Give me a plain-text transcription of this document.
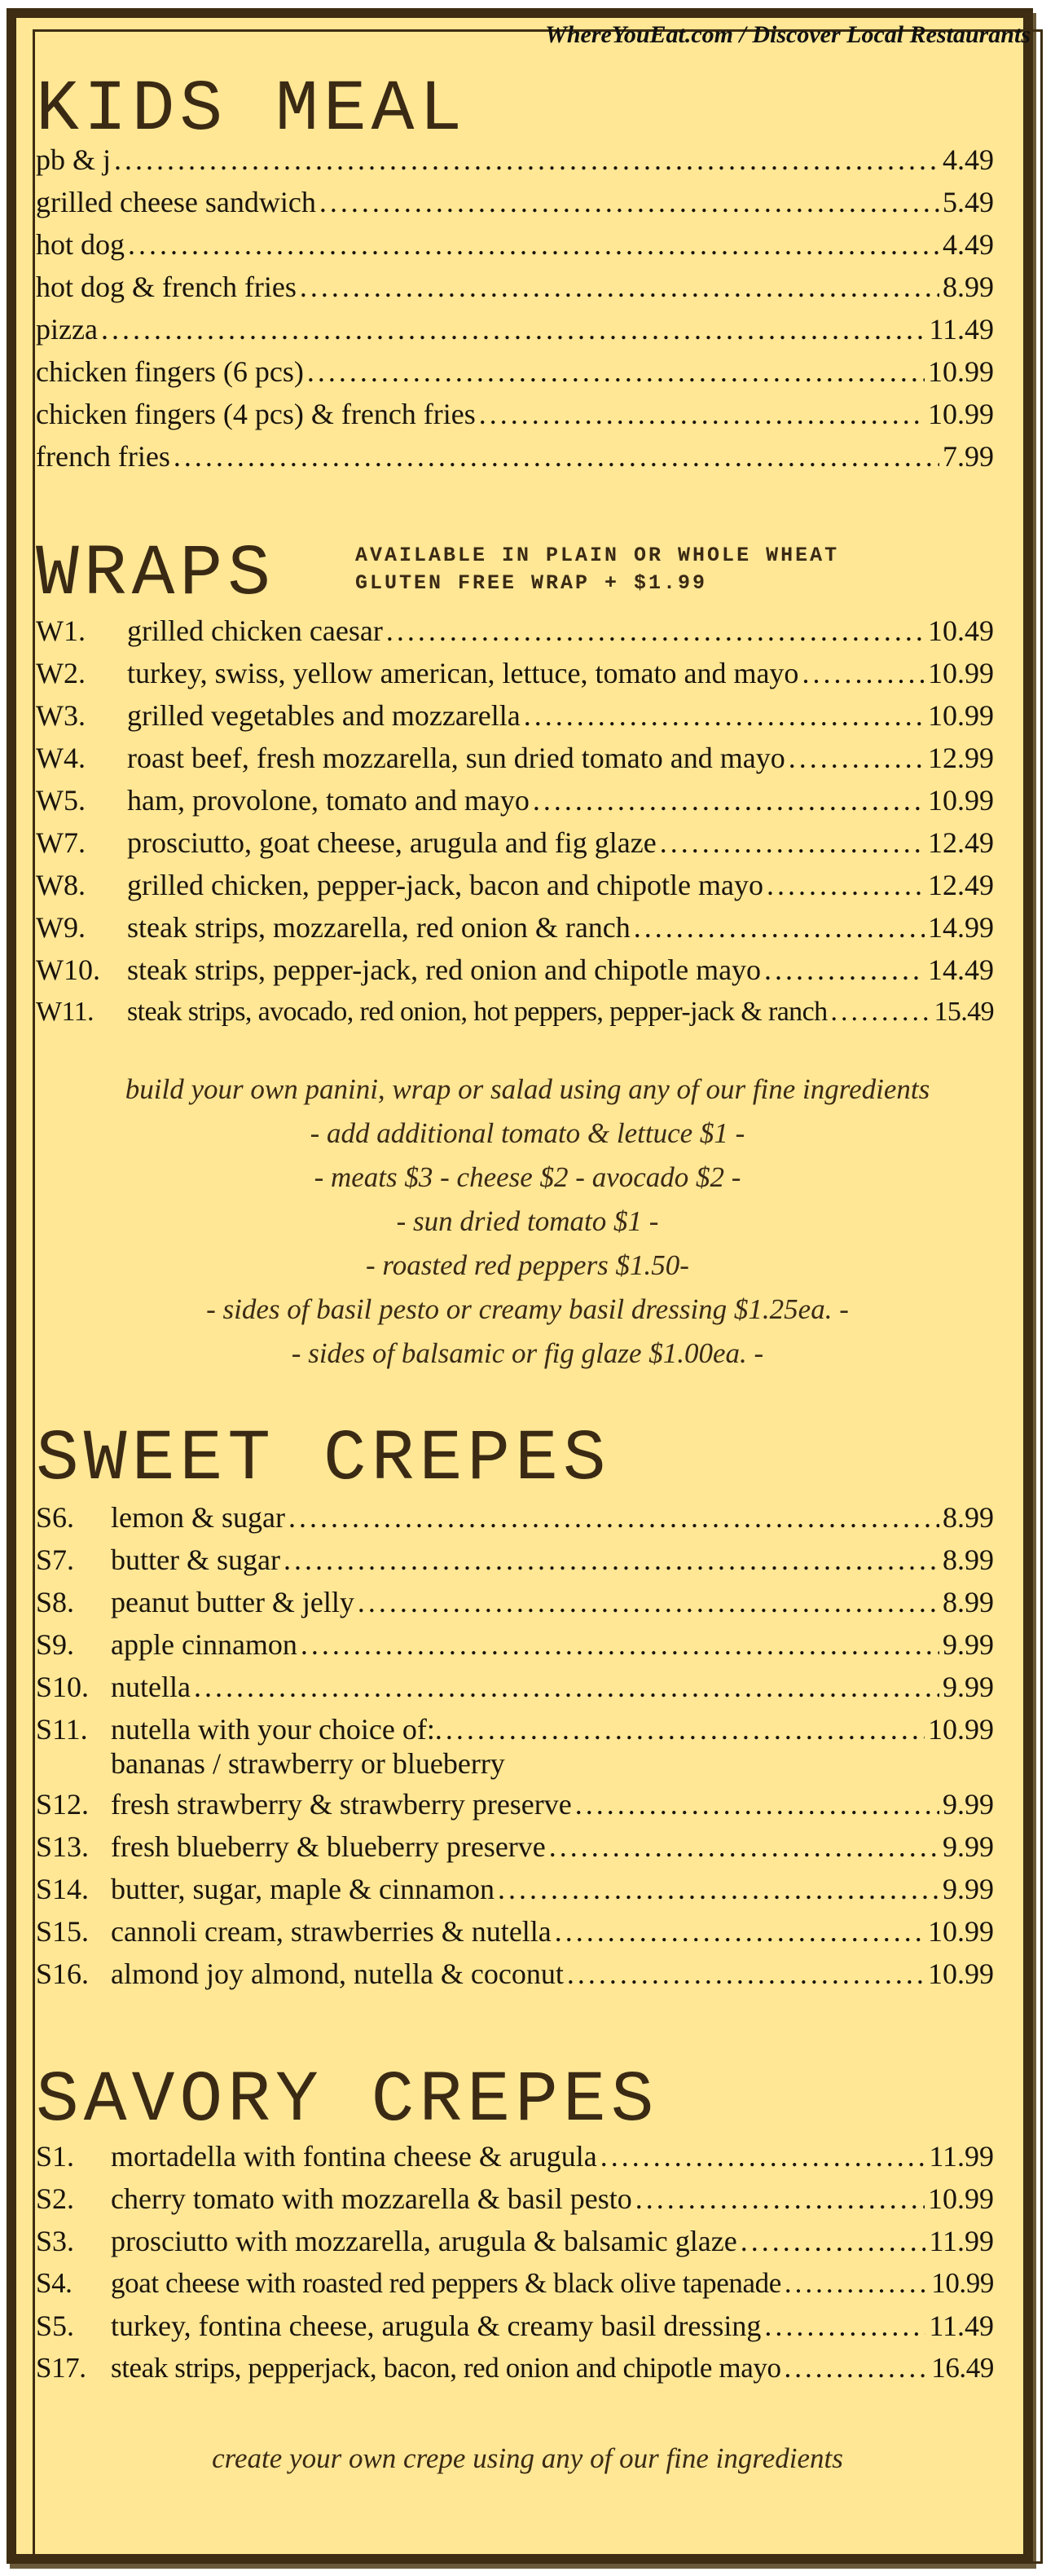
WhereYouEat.com / Discover Local Restaurants
KIDS MEAL
pb & j .....	4.49
grilled cheese sandwich .....	5.49
hot dog .....	4.49
hot dog & french fries .....	8.99
pizza .....	11.49
chicken fingers (6 pcs) .....	10.99
chicken fingers (4 pcs) & french fries .....	10.99
french fries .....	7.99
WRAPS	AVAILABLE IN PLAIN OR WHOLE WHEAT
GLUTEN FREE WRAP + $1.99
W1.	grilled chicken caesar .....	10.49
W2.	turkey, swiss, yellow american, lettuce, tomato and mayo .....	10.99
W3.	grilled vegetables and mozzarella .....	10.99
W4.	roast beef, fresh mozzarella, sun dried tomato and mayo .....	12.99
W5.	ham, provolone, tomato and mayo .....	10.99
W7.	prosciutto, goat cheese, arugula and fig glaze .....	12.49
W8.	grilled chicken, pepper-jack, bacon and chipotle mayo .....	12.49
W9.	steak strips, mozzarella, red onion & ranch .....	14.99
W10. steak strips, pepper-jack, red onion and chipotle mayo .....	14.49
W11.	steak strips, avocado, red onion, hot peppers, pepper-jack & ranch .....	15.49
build your own panini, wrap or salad using any of our fine ingredients
- add additional tomato & lettuce $1 -
- meats $3 - cheese $2 - avocado $2 -
- sun dried tomato $1 -
- roasted red peppers $1.50-
- sides of basil pesto or creamy basil dressing $1.25ea. -
- sides of balsamic or fig glaze $1.00ea. -
SWEET CREPES
S6.	lemon & sugar .....	8.99
S7.	butter & sugar .....	8.99
S8.	peanut butter & jelly .....	8.99
S9.	apple cinnamon .....	9.99
S10. nutella .....	9.99
S11. nutella with your choice of:. .....	10.99
bananas / strawberry or blueberry
S12. fresh strawberry & strawberry preserve .....	9.99
S13. fresh blueberry & blueberry preserve .....	9.99
S14. butter, sugar, maple & cinnamon .....	9.99
S15. cannoli cream, strawberries & nutella .....	10.99
S16. almond joy almond, nutella & coconut .....	10.99
SAVORY CREPES
S1.	mortadella with fontina cheese & arugula .....	11.99
S2.	cherry tomato with mozzarella & basil pesto .....	10.99
S3.	prosciutto with mozzarella, arugula & balsamic glaze .....	11.99
S4.	goat cheese with roasted red peppers & black olive tapenade .....	10.99
S5.	turkey, fontina cheese, arugula & creamy basil dressing .....	11.49
S17. steak strips, pepperjack, bacon, red onion and chipotle mayo .....	16.49
create your own crepe using any of our fine ingredients
